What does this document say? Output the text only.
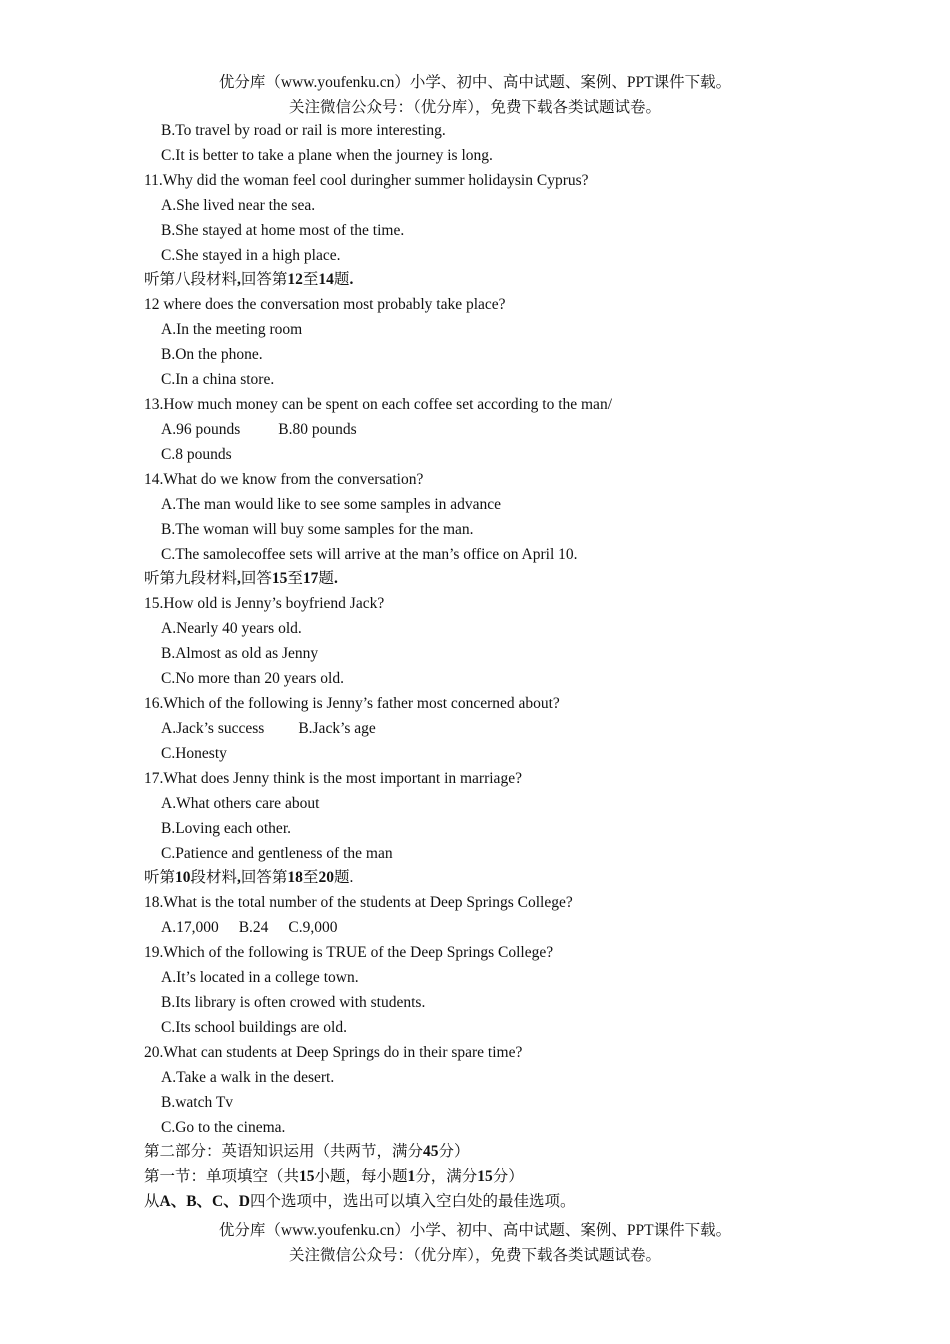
优分库（www.youfenku.cn）小学、初中、高中试题、案例、PPT课件下载。
关注微信公众号：（优分库），免费下载各类试题试卷。
B.To travel by road or rail is more interesting.
C.It is better to take a plane when the journey is long.
11.Why did the woman feel cool duringher summer holidaysin Cyprus?
A.She lived near the sea.
B.She stayed at home most of the time.
C.She stayed in a high place.
听第八段材料,回答第12至14题.
12 where does the conversation most probably take place?
A.In the meeting room
B.On the phone.
C.In a china store.
13.How much money can be spent on each coffee set according to the man/
A.96 pounds B.80 pounds
C.8 pounds
14.What do we know from the conversation?
A.The man would like to see some samples in advance
B.The woman will buy some samples for the man.
C.The samolecoffee sets will arrive at the man’s office on April 10.
听第九段材料,回答15至17题.
15.How old is Jenny’s boyfriend Jack?
A.Nearly 40 years old.
B.Almost as old as Jenny
C.No more than 20 years old.
16.Which of the following is Jenny’s father most concerned about?
A.Jack’s success B.Jack’s age
C.Honesty
17.What does Jenny think is the most important in marriage?
A.What others care about
B.Loving each other.
C.Patience and gentleness of the man
听第10段材料,回答第18至20题.
18.What is the total number of the students at Deep Springs College?
A.17,000 B.24 C.9,000
19.Which of the following is TRUE of the Deep Springs College?
A.It’s located in a college town.
B.Its library is often crowed with students.
C.Its school buildings are old.
20.What can students at Deep Springs do in their spare time?
A.Take a walk in the desert.
B.watch Tv
C.Go to the cinema.
第二部分：英语知识运用（共两节，满分45分）
第一节：单项填空（共15小题，每小题1分，满分15分）
从A、B、C、D四个选项中，选出可以填入空白处的最佳选项。
优分库（www.youfenku.cn）小学、初中、高中试题、案例、PPT课件下载。
关注微信公众号：（优分库），免费下载各类试题试卷。
